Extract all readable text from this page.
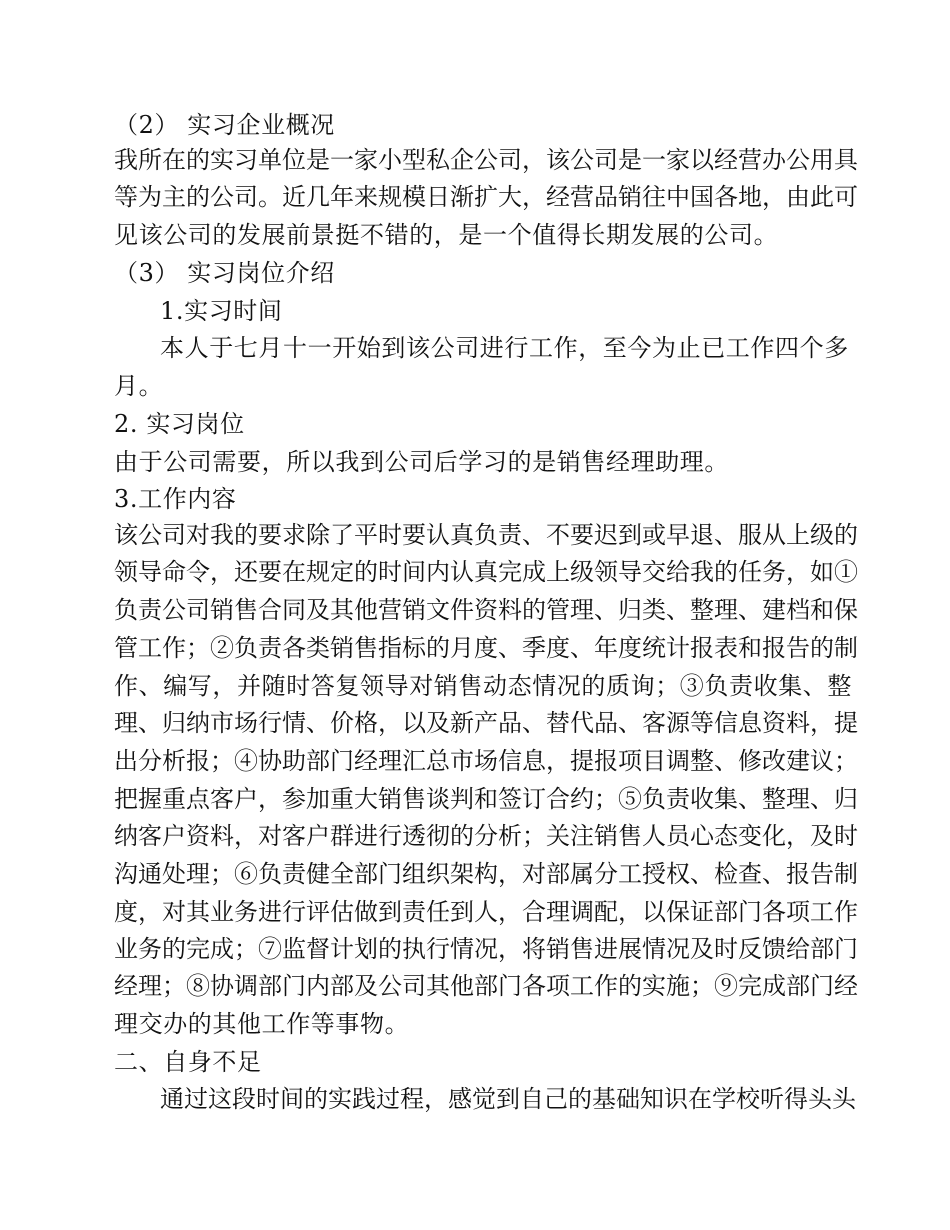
（2） 实习企业概况
我所在的实习单位是一家小型私企公司，该公司是一家以经营办公用具
等为主的公司。近几年来规模日渐扩大，经营品销往中国各地，由此可
见该公司的发展前景挺不错的，是一个值得长期发展的公司。
（3） 实习岗位介绍
1.实习时间
本人于七月十一开始到该公司进行工作，至今为止已工作四个多
月。
2. 实习岗位
由于公司需要，所以我到公司后学习的是销售经理助理。
3.工作内容
该公司对我的要求除了平时要认真负责、不要迟到或早退、服从上级的
领导命令，还要在规定的时间内认真完成上级领导交给我的任务，如①
负责公司销售合同及其他营销文件资料的管理、归类、整理、建档和保
管工作；②负责各类销售指标的月度、季度、年度统计报表和报告的制
作、编写，并随时答复领导对销售动态情况的质询；③负责收集、整
理、归纳市场行情、价格，以及新产品、替代品、客源等信息资料，提
出分析报；④协助部门经理汇总市场信息，提报项目调整、修改建议；
把握重点客户，参加重大销售谈判和签订合约；⑤负责收集、整理、归
纳客户资料，对客户群进行透彻的分析；关注销售人员心态变化，及时
沟通处理；⑥负责健全部门组织架构，对部属分工授权、检查、报告制
度，对其业务进行评估做到责任到人，合理调配，以保证部门各项工作
业务的完成；⑦监督计划的执行情况，将销售进展情况及时反馈给部门
经理；⑧协调部门内部及公司其他部门各项工作的实施；⑨完成部门经
理交办的其他工作等事物。
二、自身不足
通过这段时间的实践过程，感觉到自己的基础知识在学校听得头头
